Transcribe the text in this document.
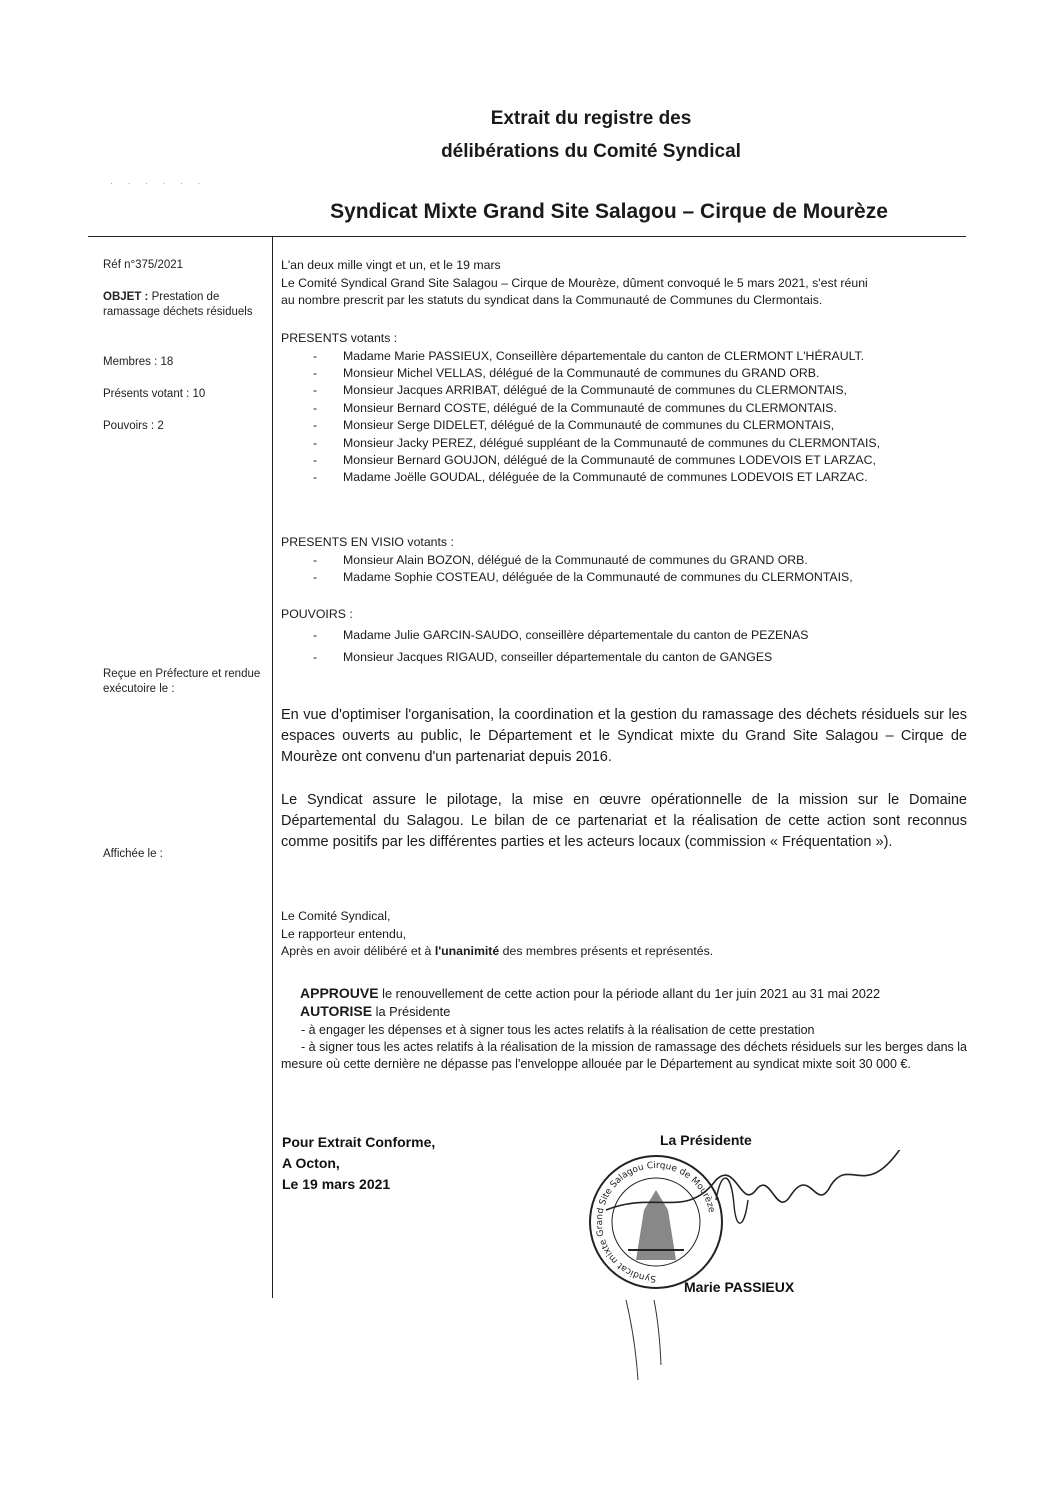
Extrait du registre des
délibérations du Comité Syndical
· · · · · ·
Syndicat Mixte Grand Site Salagou – Cirque de Mourèze
Réf n°375/2021
OBJET : Prestation de ramassage déchets résiduels
Membres : 18
Présents votant : 10
Pouvoirs : 2
Reçue en Préfecture et rendue exécutoire le :
Affichée le :
L'an deux mille vingt et un, et le 19 mars
Le Comité Syndical Grand Site Salagou – Cirque de Mourèze, dûment convoqué le 5 mars 2021, s'est réuni
au nombre prescrit par les statuts du syndicat dans la Communauté de Communes du Clermontais.
PRESENTS votants :
- Madame Marie PASSIEUX, Conseillère départementale du canton de CLERMONT L'HÉRAULT.
- Monsieur Michel VELLAS, délégué de la Communauté de communes du GRAND ORB.
- Monsieur Jacques ARRIBAT, délégué de la Communauté de communes du CLERMONTAIS,
- Monsieur Bernard COSTE, délégué de la Communauté de communes du CLERMONTAIS.
- Monsieur Serge DIDELET, délégué de la Communauté de communes du CLERMONTAIS,
- Monsieur Jacky PEREZ, délégué suppléant de la Communauté de communes du CLERMONTAIS,
- Monsieur Bernard GOUJON, délégué de la Communauté de communes LODEVOIS ET LARZAC,
- Madame Joëlle GOUDAL, déléguée de la Communauté de communes LODEVOIS ET LARZAC.
PRESENTS EN VISIO votants :
- Monsieur Alain BOZON, délégué de la Communauté de communes du GRAND ORB.
- Madame Sophie COSTEAU, déléguée de la Communauté de communes du CLERMONTAIS,
POUVOIRS :
- Madame Julie GARCIN-SAUDO, conseillère départementale du canton de PEZENAS
- Monsieur Jacques RIGAUD, conseiller départementale du canton de GANGES
En vue d'optimiser l'organisation, la coordination et la gestion du ramassage des déchets résiduels sur les espaces ouverts au public, le Département et le Syndicat mixte du Grand Site Salagou – Cirque de Mourèze ont convenu d'un partenariat depuis 2016.
Le Syndicat assure le pilotage, la mise en œuvre opérationnelle de la mission sur le Domaine Départemental du Salagou. Le bilan de ce partenariat et la réalisation de cette action sont reconnus comme positifs par les différentes parties et les acteurs locaux (commission « Fréquentation »).
Le Comité Syndical,
Le rapporteur entendu,
Après en avoir délibéré et à l'unanimité des membres présents et représentés.
APPROUVE le renouvellement de cette action pour la période allant du 1er juin 2021 au 31 mai 2022
AUTORISE la Présidente
- à engager les dépenses et à signer tous les actes relatifs à la réalisation de cette prestation
- à signer tous les actes relatifs à la réalisation de la mission de ramassage des déchets résiduels sur les berges dans la mesure où cette dernière ne dépasse pas l'enveloppe allouée par le Département au syndicat mixte soit 30 000 €.
Pour Extrait Conforme,
A Octon,
Le 19 mars 2021
La Présidente
Syndicat mixte Grand Site Salagou Cirque de Mourèze
Marie PASSIEUX
